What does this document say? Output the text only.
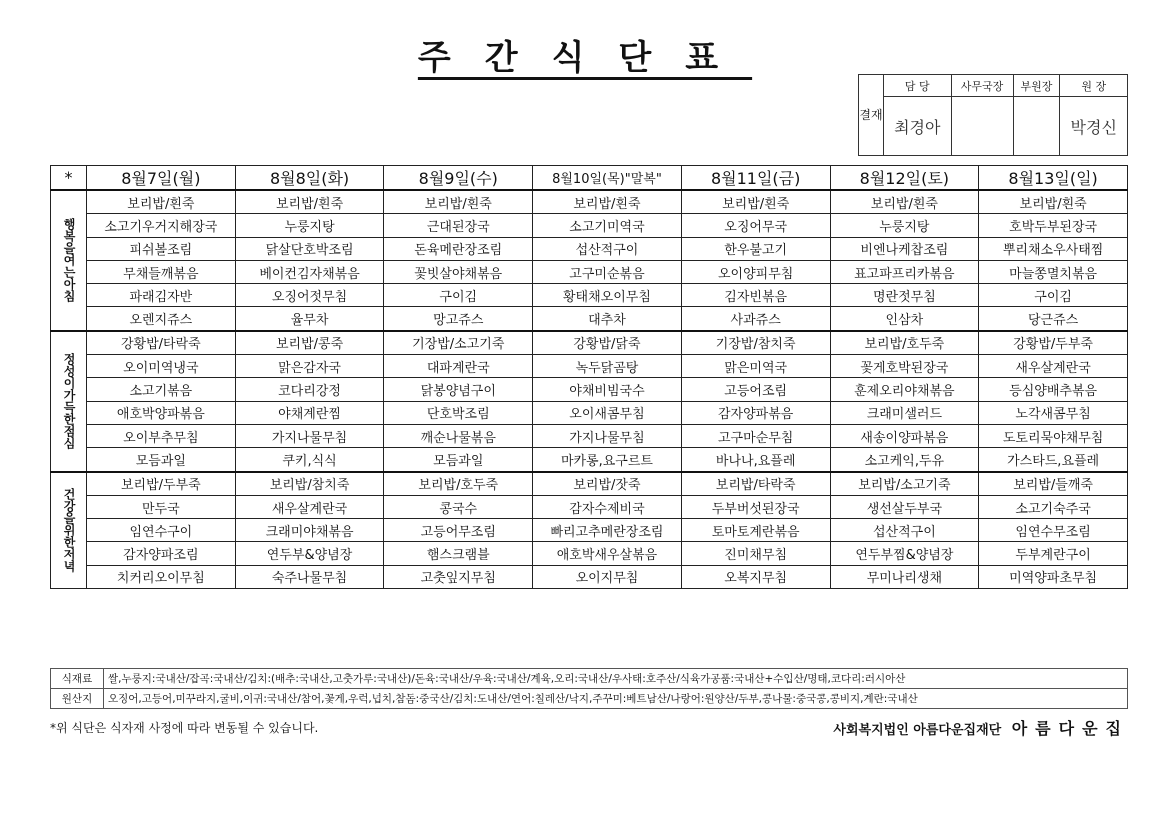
주간식단표
결재	담 당	사무국장	부원장	원 장
	최경아			박경신
*	8월7일(월)	8월8일(화)	8월9일(수)	8월10일(목)"말복"	8월11일(금)	8월12일(토)	8월13일(일)
행복을여는아침	보리밥/흰죽	보리밥/흰죽	보리밥/흰죽	보리밥/흰죽	보리밥/흰죽	보리밥/흰죽	보리밥/흰죽
	소고기우거지해장국	누룽지탕	근대된장국	소고기미역국	오징어무국	누룽지탕	호박두부된장국
	피쉬볼조림	닭살단호박조림	돈육메란장조림	섭산적구이	한우불고기	비엔나케찹조림	뿌리채소우사태찜
	무채들깨볶음	베이컨김자채볶음	꽃빗살야채볶음	고구미순볶음	오이양피무침	표고파프리카볶음	마늘쫑멸치볶음
	파래김자반	오징어젓무침	구이김	황태채오이무침	김자빈볶음	명란젓무침	구이김
	오렌지쥬스	율무차	망고쥬스	대추차	사과쥬스	인삼차	당근쥬스
정성이가득한점심	강황밥/타락죽	보리밥/콩죽	기장밥/소고기죽	강황밥/닭죽	기장밥/참치죽	보리밥/호두죽	강황밥/두부죽
	오이미역냉국	맑은감자국	대파계란국	녹두닭곰탕	맑은미역국	꽃게호박된장국	새우살계란국
	소고기볶음	코다리강정	닭봉양념구이	야채비빔국수	고등어조림	훈제오리야채볶음	등심양배추볶음
	애호박양파볶음	야채계란찜	단호박조림	오이새콤무침	감자양파볶음	크래미샐러드	노각새콤무침
	오이부추무침	가지나물무침	깨순나물볶음	가지나물무침	고구마순무침	새송이양파볶음	도토리묵야채무침
	모듬과일	쿠키,식식	모듬과일	마카롱,요구르트	바나나,요플레	소고케익,두유	가스타드,요플레
건강을위한저녁	보리밥/두부죽	보리밥/참치죽	보리밥/호두죽	보리밥/잣죽	보리밥/타락죽	보리밥/소고기죽	보리밥/들깨죽
	만두국	새우살계란국	콩국수	감자수제비국	두부버섯된장국	생선살두부국	소고기숙주국
	임연수구이	크래미야채볶음	고등어무조림	빠리고추메란장조림	토마토계란볶음	섭산적구이	임연수무조림
	감자양파조림	연두부&양념장	햄스크램블	애호박새우살볶음	진미채무침	연두부찜&양념장	두부계란구이
	치커리오이무침	숙주나물무침	고춧잎지무침	오이지무침	오복지무침	무미나리생채	미역양파초무침
식재료	쌀,누룽지:국내산/잡곡:국내산/김치:(배추:국내산,고춧가루:국내산)/돈육:국내산/우육:국내산/계육,오리:국내산/우사태:호주산/식육가공품:국내산+수입산/명태,코다리:러시아산
원산지	오징어,고등어,미꾸라지,굴비,이귀:국내산/참어,꽃게,우럭,넙치,참돔:중국산/김치:도내산/연어:칠레산/낙지,주꾸미:베트남산/나랑어:원양산/두부,콩나물:중국콩,콩비지,계란:국내산
*위 식단은 식자재 사정에 따라 변동될 수 있습니다.	사회복지법인 아름다운집재단 아름다운집
